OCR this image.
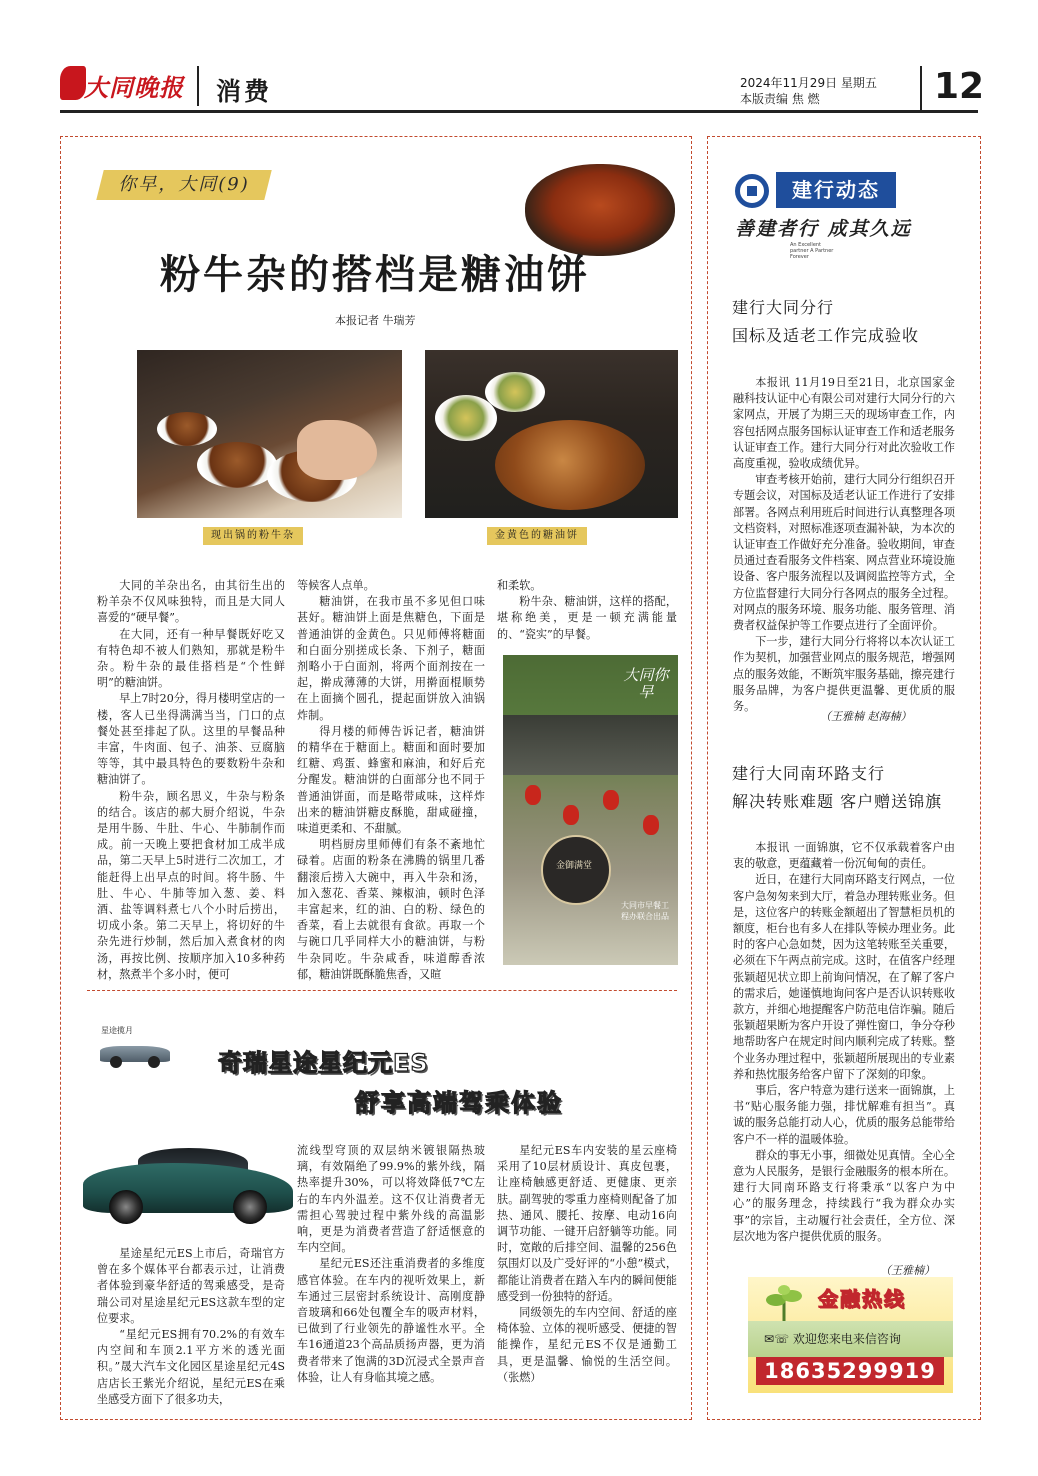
大同晚报 消费	2024年11月29日 星期五
本版责编 焦 燃	12
你早，大同(9)
粉牛杂的搭档是糖油饼
本报记者 牛瑞芳
现出锅的粉牛杂	金黄色的糖油饼

大同的羊杂出名，由其衍生出的粉羊杂不仅风味独特，而且是大同人喜爱的“硬早餐”。

在大同，还有一种早餐既好吃又有特色却不被人们熟知，那就是粉牛杂。粉牛杂的最佳搭档是“个性鲜明”的糖油饼。

早上7时20分，得月楼明堂店的一楼，客人已坐得满满当当，门口的点餐处甚至排起了队。这里的早餐品种丰富，牛肉面、包子、油茶、豆腐脑等等，其中最具特色的要数粉牛杂和糖油饼了。

粉牛杂，顾名思义，牛杂与粉条的结合。该店的郝大厨介绍说，牛杂是用牛肠、牛肚、牛心、牛肺制作而成。前一天晚上要把食材加工成半成品，第二天早上5时进行二次加工，才能赶得上出早点的时间。将牛肠、牛肚、牛心、牛肺等加入葱、姜、料酒、盐等调料煮七八个小时后捞出，切成小条。第二天早上，将切好的牛杂先进行炒制，然后加入煮食材的肉汤，再按比例、按顺序加入10多种药材，熬煮半个多小时，便可

等候客人点单。

糖油饼，在我市虽不多见但口味甚好。糖油饼上面是焦糖色，下面是普通油饼的金黄色。只见师傅将糖面和白面分别搓成长条、下剂子，糖面剂略小于白面剂，将两个面剂按在一起，擀成薄薄的大饼，用擀面棍顺势在上面摘个圆孔，提起面饼放入油锅炸制。

得月楼的师傅告诉记者，糖油饼的精华在于糖面上。糖面和面时要加红糖、鸡蛋、蜂蜜和麻油，和好后充分醒发。糖油饼的白面部分也不同于普通油饼面，而是略带咸味，这样炸出来的糖油饼糖皮酥脆，甜咸碰撞，味道更柔和、不甜腻。

明档厨房里师傅们有条不紊地忙碌着。店面的粉条在沸腾的锅里几番翻滚后捞入大碗中，再入牛杂和汤，加入葱花、香菜、辣椒油，顿时色泽丰富起来，红的油、白的粉、绿色的香菜，看上去就很有食欲。再取一个与碗口几乎同样大小的糖油饼，与粉牛杂同吃。牛杂咸香，味道醇香浓郁，糖油饼既酥脆焦香，又暄

和柔软。

粉牛杂、糖油饼，这样的搭配，堪称绝美，更是一顿充满能量的、“瓷实”的早餐。

大同你早
金御满堂
大同市早餐工程办联合出品
星途揽月
奇瑞星途星纪元ES
舒享高端驾乘体验

星途星纪元ES上市后，奇瑞官方曾在多个媒体平台都表示过，让消费者体验到豪华舒适的驾乘感受，是奇瑞公司对星途星纪元ES这款车型的定位要求。

“星纪元ES拥有70.2%的有效车内空间和车顶2.1平方米的透光面积。”晟大汽车文化园区星途星纪元4S店店长王紫光介绍说，星纪元ES在乘坐感受方面下了很多功夫，

流线型穹顶的双层纳米镀银隔热玻璃，有效隔绝了99.9%的紫外线，隔热率提升30%，可以将效降低7℃左右的车内外温差。这不仅让消费者无需担心驾驶过程中紫外线的高温影响，更是为消费者营造了舒适惬意的车内空间。

星纪元ES还注重消费者的多维度感官体验。在车内的视听效果上，新车通过三层密封系统设计、高刚度静音玻璃和66处包覆全车的吸声材料，已做到了行业领先的静谧性水平。全车16通道23个高品质扬声器，更为消费者带来了饱满的3D沉浸式全景声音体验，让人有身临其境之感。

星纪元ES车内安装的星云座椅采用了10层材质设计、真皮包裹，让座椅触感更舒适、更健康、更亲肤。副驾驶的零重力座椅则配备了加热、通风、腰托、按摩、电动16向调节功能、一键开启舒躺等功能。同时，宽敞的后排空间、温馨的256色氛围灯以及广受好评的“小憩”模式，都能让消费者在踏入车内的瞬间便能感受到一份独特的舒适。

同级领先的车内空间、舒适的座椅体验、立体的视听感受、便捷的智能操作，星纪元ES不仅是通勤工具，更是温馨、愉悦的生活空间。 （张燃）

建行动态
善建者行 成其久远
An Excellent partner A Partner Forever
建行大同分行
国标及适老工作完成验收

本报讯 11月19日至21日，北京国家金融科技认证中心有限公司对建行大同分行的六家网点，开展了为期三天的现场审查工作，内容包括网点服务国标认证审查工作和适老服务认证审查工作。建行大同分行对此次验收工作高度重视，验收成绩优异。

审查考核开始前，建行大同分行组织召开专题会议，对国标及适老认证工作进行了安排部署。各网点利用班后时间进行认真整理各项文档资料，对照标准逐项查漏补缺，为本次的认证审查工作做好充分准备。验收期间，审查员通过查看服务文件档案、网点营业环境设施设备、客户服务流程以及调阅监控等方式，全方位监督建行大同分行各网点的服务全过程。对网点的服务环境、服务功能、服务管理、消费者权益保护等工作要点进行了全面评价。

下一步，建行大同分行将将以本次认证工作为契机，加强营业网点的服务规范，增强网点的服务效能，不断筑牢服务基础，擦亮建行服务品牌，为客户提供更温馨、更优质的服务。

（王雅楠 赵海楠）
建行大同南环路支行
解决转账难题 客户赠送锦旗

本报讯 一面锦旗，它不仅承载着客户由衷的敬意，更蕴藏着一份沉甸甸的责任。

近日，在建行大同南环路支行网点，一位客户急匆匆来到大厅，着急办理转账业务。但是，这位客户的转账金额超出了智慧柜员机的额度，柜台也有多人在排队等候办理业务。此时的客户心急如焚，因为这笔转账至关重要，必须在下午两点前完成。这时，在值客户经理张颖超见状立即上前询问情况，在了解了客户的需求后，她谨慎地询问客户是否认识转账收款方，并细心地提醒客户防范电信诈骗。随后张颖超果断为客户开设了弹性窗口，争分夺秒地帮助客户在规定时间内顺利完成了转账。整个业务办理过程中，张颖超所展现出的专业素养和热忱服务给客户留下了深刻的印象。

事后，客户特意为建行送来一面锦旗，上书“贴心服务能力强，排忧解难有担当”。真诚的服务总能打动人心，优质的服务总能带给客户不一样的温暖体验。

群众的事无小事，细微处见真情。全心全意为人民服务，是银行金融服务的根本所在。建行大同南环路支行将秉承“以客户为中心”的服务理念，持续践行“我为群众办实事”的宗旨，主动履行社会责任，全方位、深层次地为客户提供优质的服务。

（王雅楠）
金融热线
✉☏ 欢迎您来电来信咨询
18635299919
